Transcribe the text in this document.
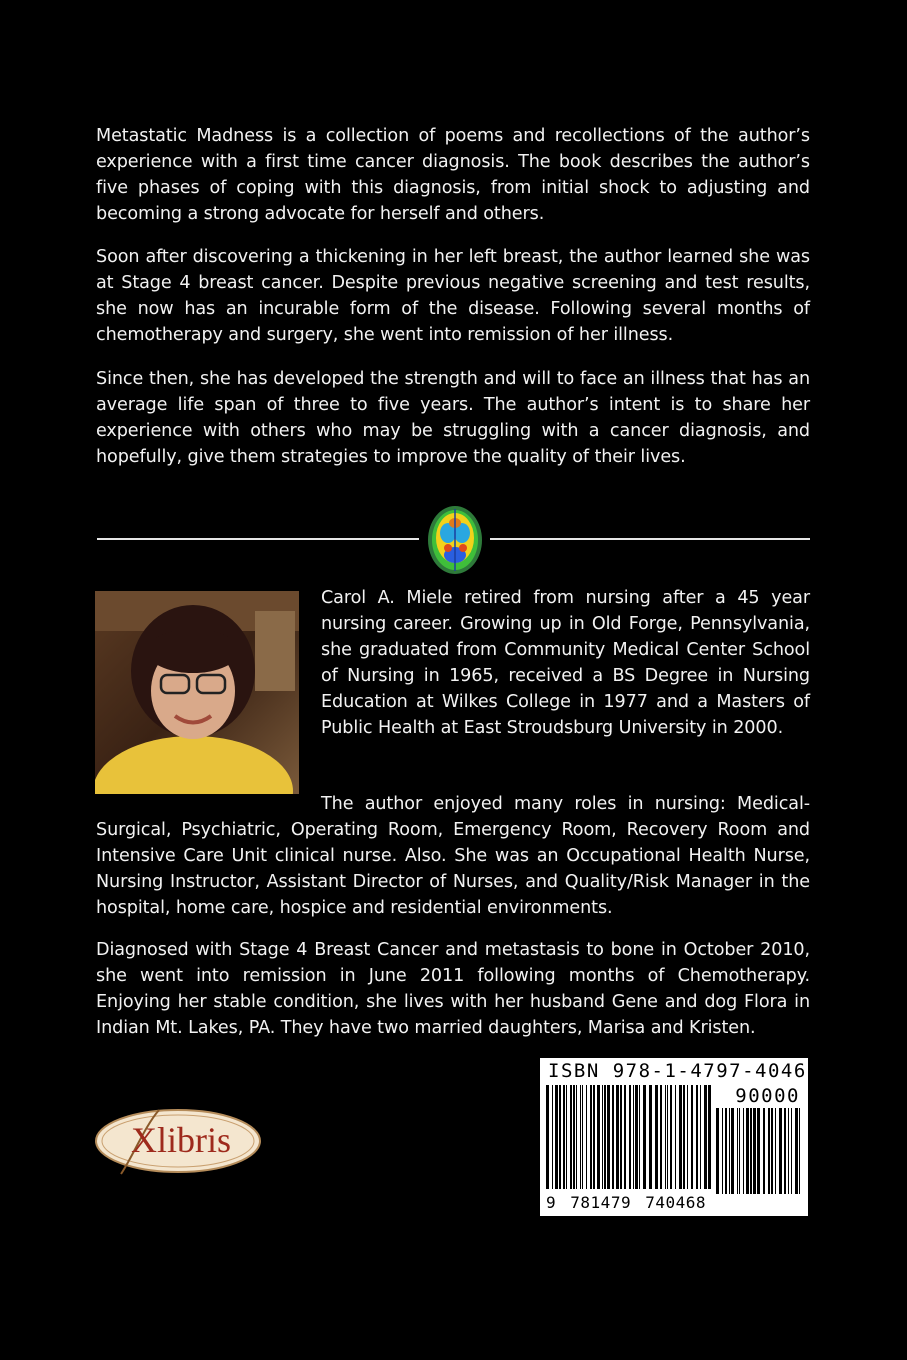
Metastatic Madness is a collection of poems and recollections of the author’s experience with a first time cancer diagnosis. The book describes the author’s five phases of coping with this diagnosis, from initial shock to adjusting and becoming a strong advocate for herself and others.

Soon after discovering a thickening in her left breast, the author learned she was at Stage 4 breast cancer. Despite previous negative screening and test results, she now has an incurable form of the disease. Following several months of chemotherapy and surgery, she went into remission of her illness.

Since then, she has developed the strength and will to face an illness that has an average life span of three to five years. The author’s intent is to share her experience with others who may be struggling with a cancer diagnosis, and hopefully, give them strategies to improve the quality of their lives.

Carol A. Miele retired from nursing after a 45 year nursing career. Growing up in Old Forge, Pennsylvania, she graduated from Community Medical Center School of Nursing in 1965, received a BS Degree in Nursing Education at Wilkes College in 1977 and a Masters of Public Health at East Stroudsburg University in 2000.

The author enjoyed many roles in nursing: Medical-Surgical, Psychiatric, Operating Room, Emergency Room, Recovery Room and Intensive Care Unit clinical nurse. Also. She was an Occupational Health Nurse, Nursing Instructor, Assistant Director of Nurses, and Quality/Risk Manager in the hospital, home care, hospice and residential environments.

Diagnosed with Stage 4 Breast Cancer and metastasis to bone in October 2010, she went into remission in June 2011 following months of Chemotherapy. Enjoying her stable condition, she lives with her husband Gene and dog Flora in Indian Mt. Lakes, PA. They have two married daughters, Marisa and Kristen.

ISBN 978-1-4797-4046-8
90000
9 781479 740468
Xlibris
